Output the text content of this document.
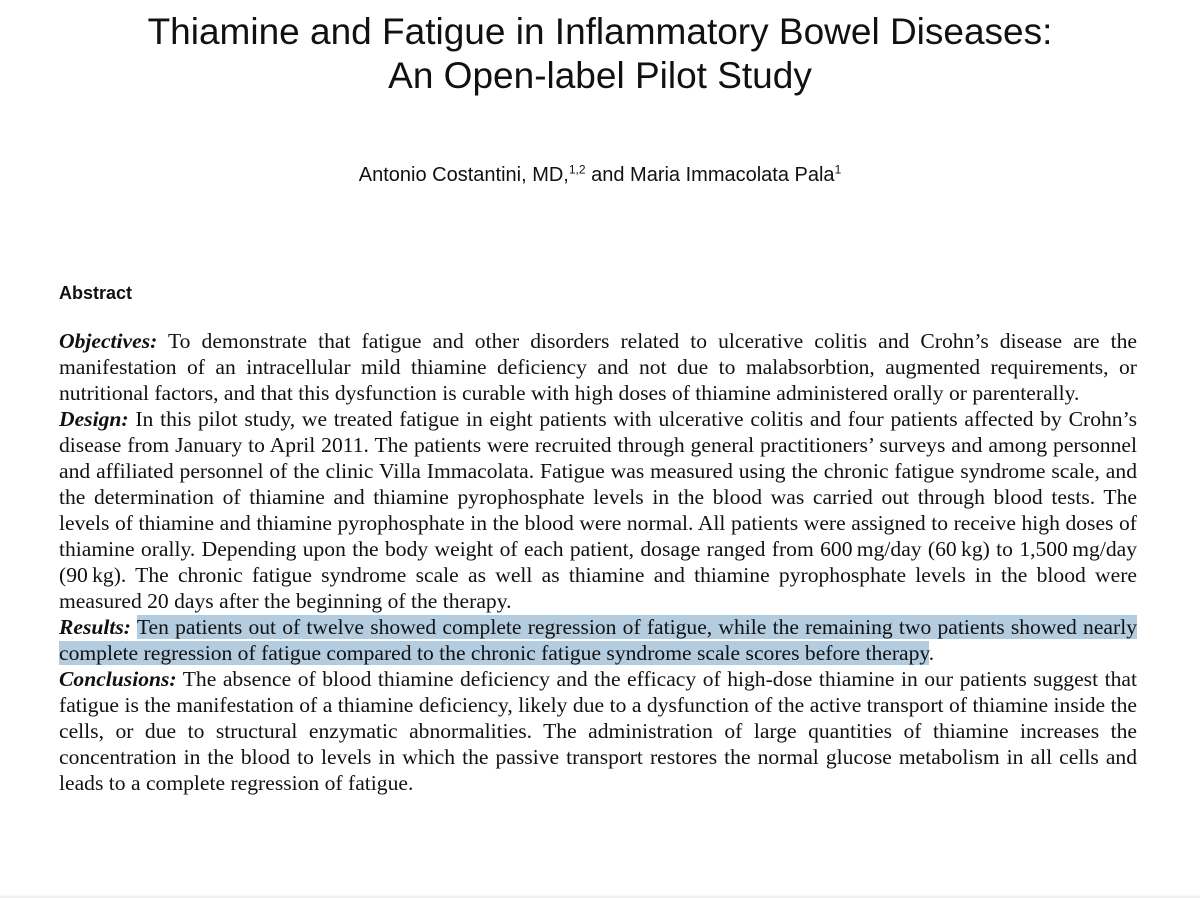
Thiamine and Fatigue in Inflammatory Bowel Diseases:
An Open-label Pilot Study
Antonio Costantini, MD,$^{1,2}$ and Maria Immacolata Pala$^1$
Abstract

Objectives: To demonstrate that fatigue and other disorders related to ulcerative colitis and Crohn’s disease are the manifestation of an intracellular mild thiamine deficiency and not due to malabsorbtion, augmented requirements, or nutritional factors, and that this dysfunction is curable with high doses of thiamine administered orally or parenterally.

Design: In this pilot study, we treated fatigue in eight patients with ulcerative colitis and four patients affected by Crohn’s disease from January to April 2011. The patients were recruited through general practitioners’ surveys and among personnel and affiliated personnel of the clinic Villa Immacolata. Fatigue was measured using the chronic fatigue syndrome scale, and the determination of thiamine and thiamine pyrophosphate levels in the blood was carried out through blood tests. The levels of thiamine and thiamine pyrophosphate in the blood were normal. All patients were assigned to receive high doses of thiamine orally. Depending upon the body weight of each patient, dosage ranged from 600 mg/day (60 kg) to 1,500 mg/day (90 kg). The chronic fatigue syndrome scale as well as thiamine and thiamine pyrophosphate levels in the blood were measured 20 days after the beginning of the therapy.

Results: Ten patients out of twelve showed complete regression of fatigue, while the remaining two patients showed nearly complete regression of fatigue compared to the chronic fatigue syndrome scale scores before therapy.

Conclusions: The absence of blood thiamine deficiency and the efficacy of high-dose thiamine in our patients suggest that fatigue is the manifestation of a thiamine deficiency, likely due to a dysfunction of the active transport of thiamine inside the cells, or due to structural enzymatic abnormalities. The administration of large quantities of thiamine increases the concentration in the blood to levels in which the passive transport restores the normal glucose metabolism in all cells and leads to a complete regression of fatigue.
